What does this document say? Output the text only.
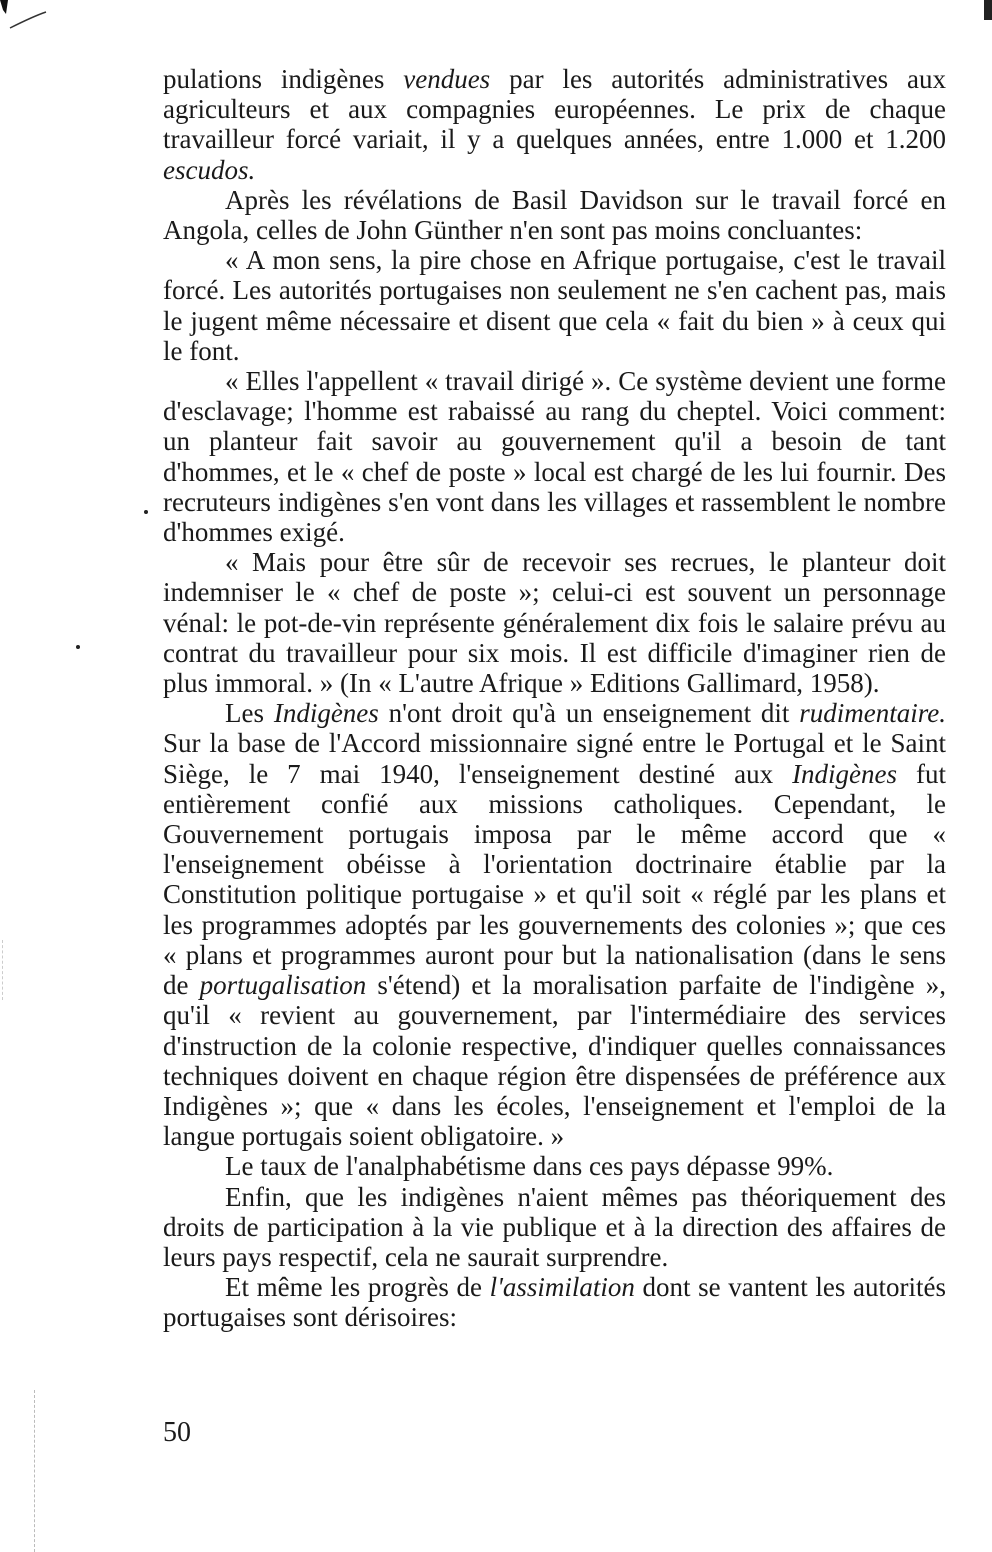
pulations indigènes vendues par les autorités administratives aux agriculteurs et aux compagnies européennes. Le prix de chaque travailleur forcé variait, il y a quelques années, entre 1.000 et 1.200 escudos.

Après les révélations de Basil Davidson sur le travail forcé en Angola, celles de John Günther n'en sont pas moins concluantes:

« A mon sens, la pire chose en Afrique portugaise, c'est le travail forcé. Les autorités portugaises non seulement ne s'en cachent pas, mais le jugent même nécessaire et disent que cela « fait du bien » à ceux qui le font.

« Elles l'appellent « travail dirigé ». Ce système devient une forme d'esclavage; l'homme est rabaissé au rang du cheptel. Voici comment: un planteur fait savoir au gouvernement qu'il a besoin de tant d'hommes, et le « chef de poste » local est chargé de les lui fournir. Des recruteurs indigènes s'en vont dans les villages et rassemblent le nombre d'hommes exigé.

« Mais pour être sûr de recevoir ses recrues, le planteur doit indemniser le « chef de poste »; celui-ci est souvent un personnage vénal: le pot-de-vin représente généralement dix fois le salaire prévu au contrat du travailleur pour six mois. Il est difficile d'imaginer rien de plus immoral. » (In « L'autre Afrique » Editions Gallimard, 1958).

Les Indigènes n'ont droit qu'à un enseignement dit rudimentaire. Sur la base de l'Accord missionnaire signé entre le Portugal et le Saint Siège, le 7 mai 1940, l'enseignement destiné aux Indigènes fut entièrement confié aux missions catholiques. Cependant, le Gouvernement portugais imposa par le même accord que « l'enseignement obéisse à l'orientation doctrinaire établie par la Constitution politique portugaise » et qu'il soit « réglé par les plans et les programmes adoptés par les gouvernements des colonies »; que ces « plans et programmes auront pour but la nationalisation (dans le sens de portugalisation s'étend) et la moralisation parfaite de l'indigène », qu'il « revient au gouvernement, par l'intermédiaire des services d'instruction de la colonie respective, d'indiquer quelles connaissances techniques doivent en chaque région être dispensées de préférence aux Indigènes »; que « dans les écoles, l'enseignement et l'emploi de la langue portugais soient obligatoire. »

Le taux de l'analphabétisme dans ces pays dépasse 99%.

Enfin, que les indigènes n'aient mêmes pas théoriquement des droits de participation à la vie publique et à la direction des affaires de leurs pays respectif, cela ne saurait surprendre.

Et même les progrès de l'assimilation dont se vantent les autorités portugaises sont dérisoires:

50
